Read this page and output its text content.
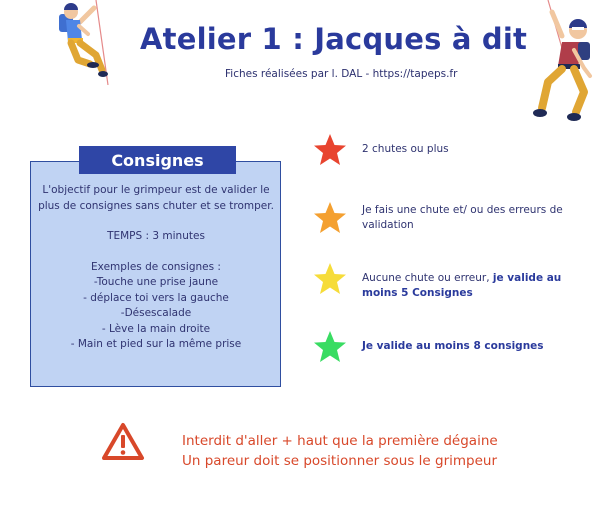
Atelier 1 : Jacques à dit
Fiches réalisées par l. DAL - https://tapeps.fr
Consignes

L'objectif pour le grimpeur est de valider le plus de consignes sans chuter et se tromper.

TEMPS : 3 minutes

Exemples de consignes :

-Touche une prise jaune

- déplace toi vers la gauche

-Désescalade

- Lève la main droite

- Main et pied sur la même prise

2 chutes ou plus
Je fais une chute et/ ou des erreurs de validation
Aucune chute ou erreur, je valide au moins 5 Consignes
Je valide au moins 8 consignes

Interdit d'aller + haut que la première dégaine

Un pareur doit se positionner sous le grimpeur
